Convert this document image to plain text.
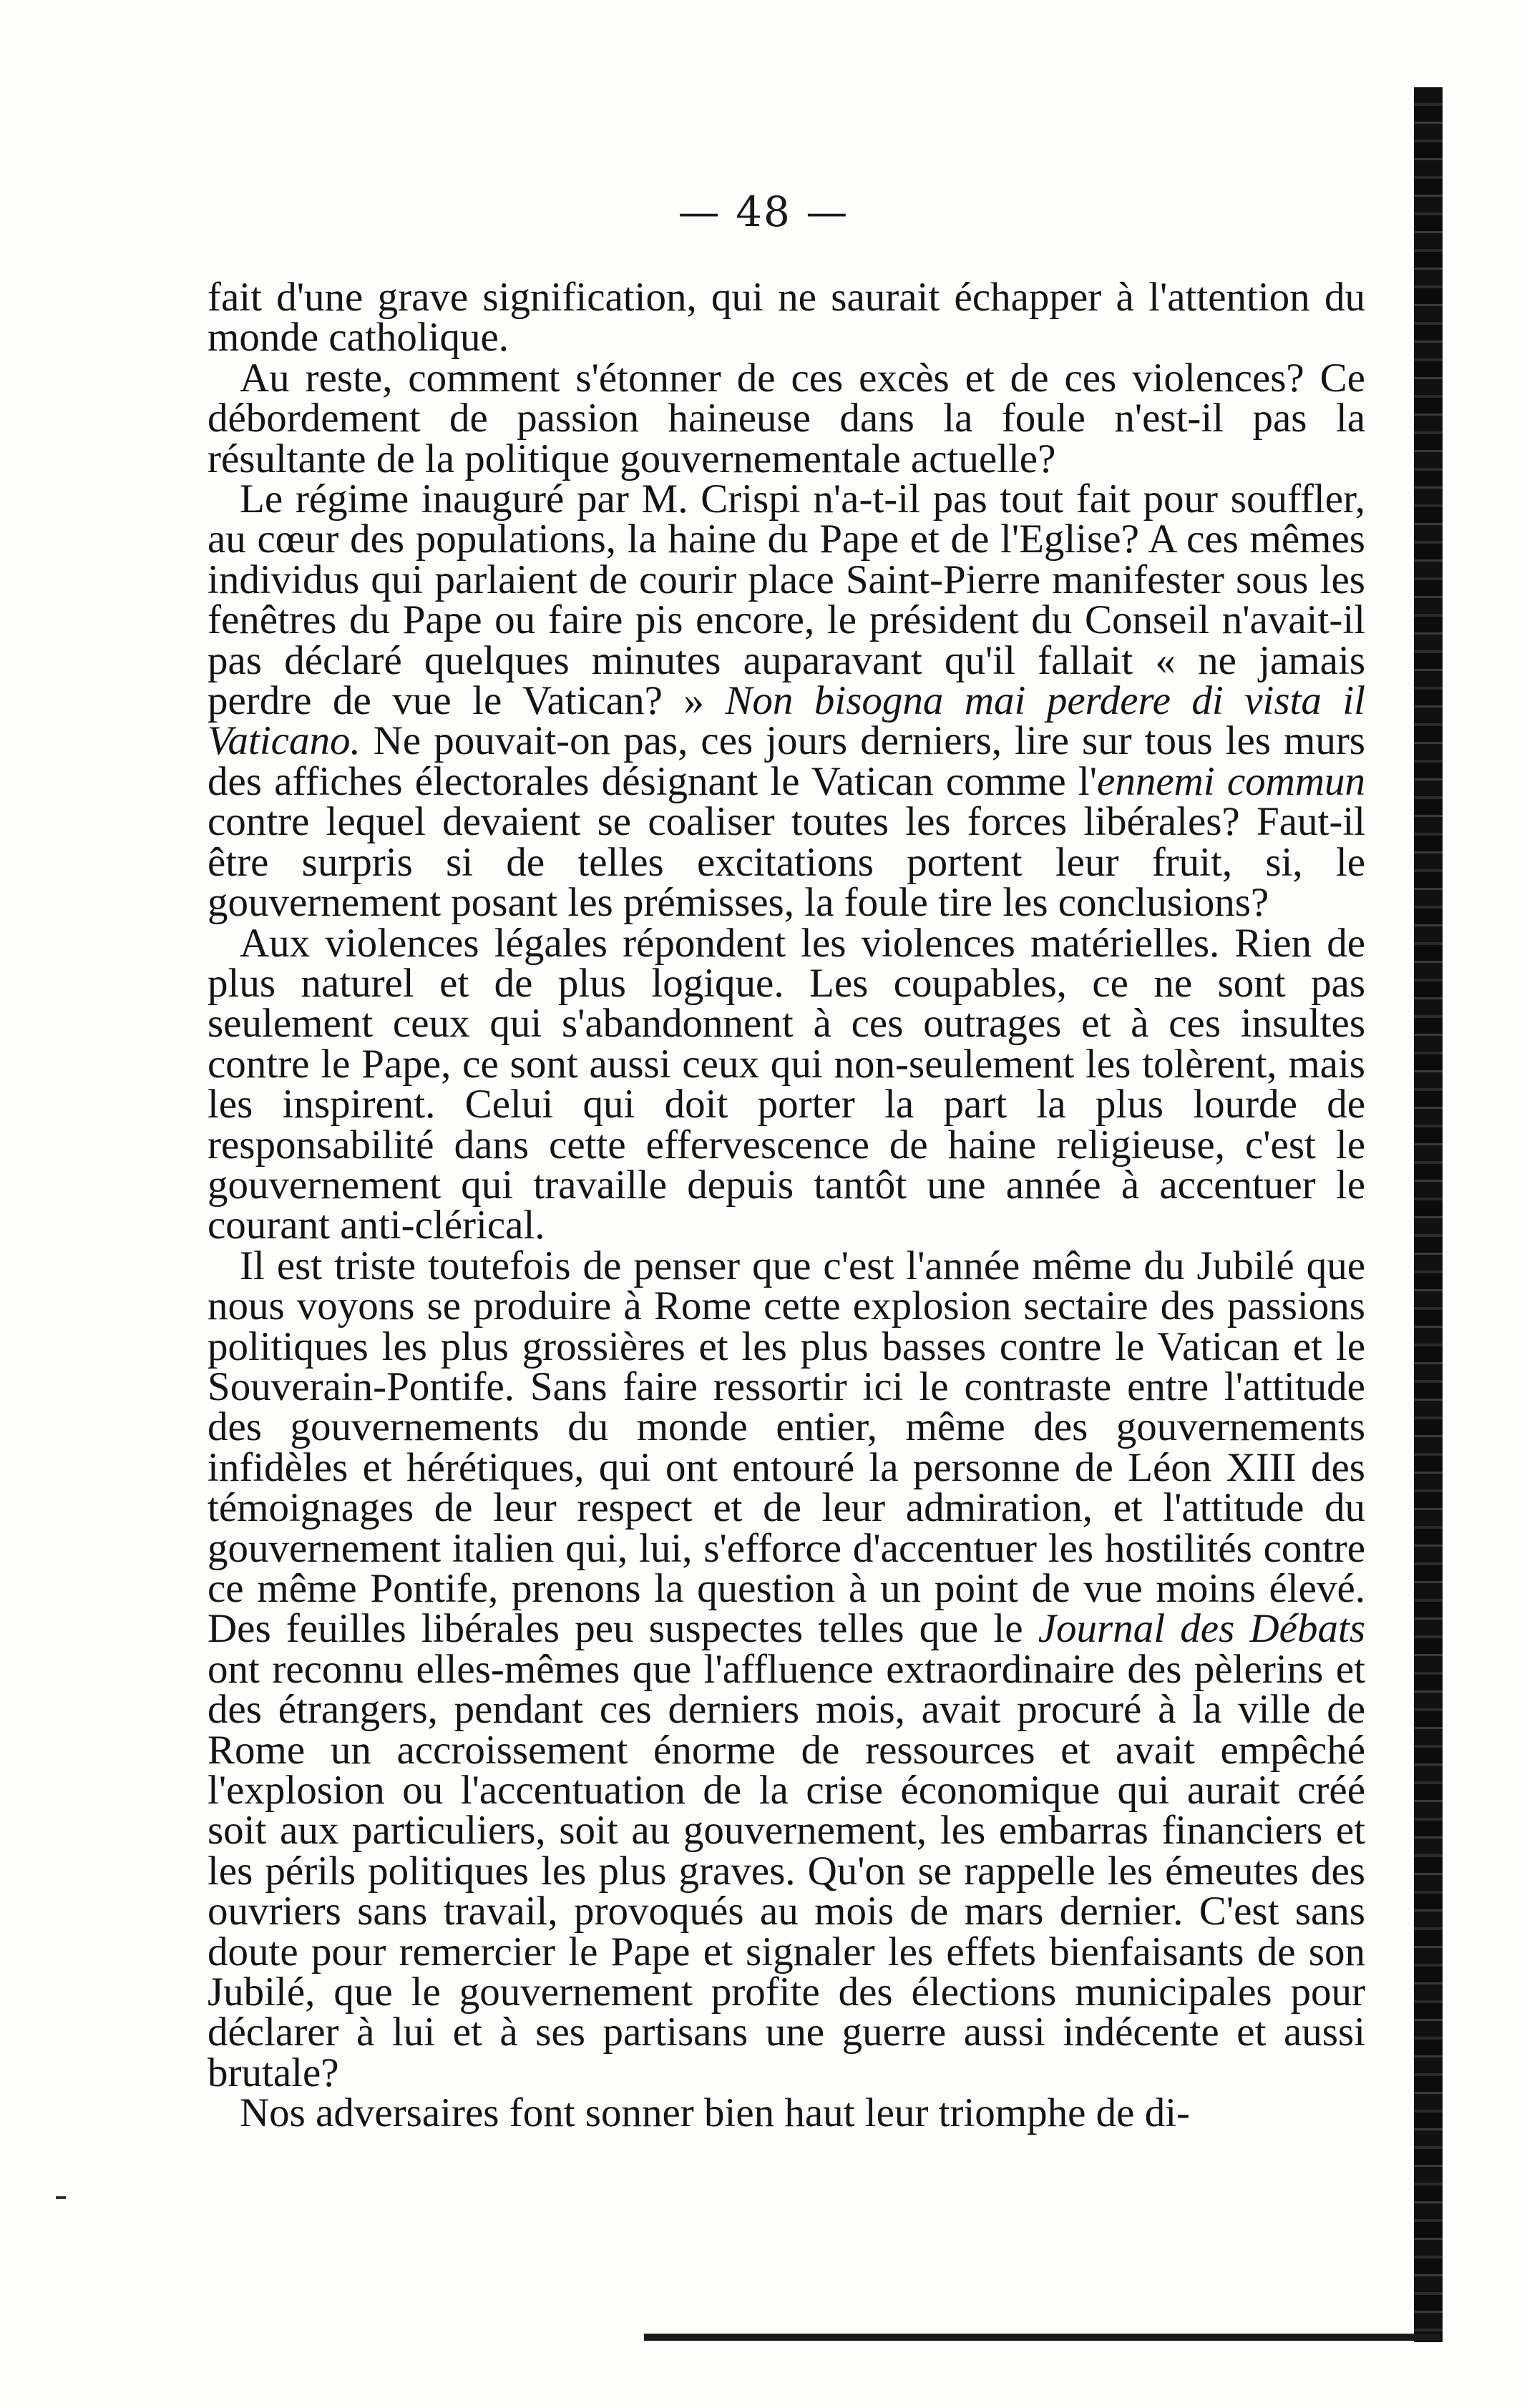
— 48 —

fait d'une grave signification, qui ne saurait échapper à l'attention du monde catholique.

Au reste, comment s'étonner de ces excès et de ces violences? Ce débordement de passion haineuse dans la foule n'est-il pas la résultante de la politique gouvernementale actuelle?

Le régime inauguré par M. Crispi n'a-t-il pas tout fait pour souffler, au cœur des populations, la haine du Pape et de l'Eglise? A ces mêmes individus qui parlaient de courir place Saint-Pierre manifester sous les fenêtres du Pape ou faire pis encore, le président du Conseil n'avait-il pas déclaré quelques minutes auparavant qu'il fallait « ne jamais perdre de vue le Vatican? » Non bisogna mai perdere di vista il Vaticano. Ne pouvait-on pas, ces jours derniers, lire sur tous les murs des affiches électorales désignant le Vatican comme l'ennemi commun contre lequel devaient se coaliser toutes les forces libérales? Faut-il être surpris si de telles excitations portent leur fruit, si, le gouvernement posant les prémisses, la foule tire les conclusions?

Aux violences légales répondent les violences matérielles. Rien de plus naturel et de plus logique. Les coupables, ce ne sont pas seulement ceux qui s'abandonnent à ces outrages et à ces insultes contre le Pape, ce sont aussi ceux qui non-seulement les tolèrent, mais les inspirent. Celui qui doit porter la part la plus lourde de responsabilité dans cette effervescence de haine religieuse, c'est le gouvernement qui travaille depuis tantôt une année à accentuer le courant anti-clérical.

Il est triste toutefois de penser que c'est l'année même du Jubilé que nous voyons se produire à Rome cette explosion sectaire des passions politiques les plus grossières et les plus basses contre le Vatican et le Souverain-Pontife. Sans faire ressortir ici le contraste entre l'attitude des gouvernements du monde entier, même des gouvernements infidèles et hérétiques, qui ont entouré la personne de Léon XIII des témoignages de leur respect et de leur admiration, et l'attitude du gouvernement italien qui, lui, s'efforce d'accentuer les hostilités contre ce même Pontife, prenons la question à un point de vue moins élevé. Des feuilles libérales peu suspectes telles que le Journal des Débats ont reconnu elles-mêmes que l'affluence extraordinaire des pèlerins et des étrangers, pendant ces derniers mois, avait procuré à la ville de Rome un accroissement énorme de ressources et avait empêché l'explosion ou l'accentuation de la crise économique qui aurait créé soit aux particuliers, soit au gouvernement, les embarras financiers et les périls politiques les plus graves. Qu'on se rappelle les émeutes des ouvriers sans travail, provoqués au mois de mars dernier. C'est sans doute pour remercier le Pape et signaler les effets bienfaisants de son Jubilé, que le gouvernement profite des élections municipales pour déclarer à lui et à ses partisans une guerre aussi indécente et aussi brutale?

Nos adversaires font sonner bien haut leur triomphe de di-
